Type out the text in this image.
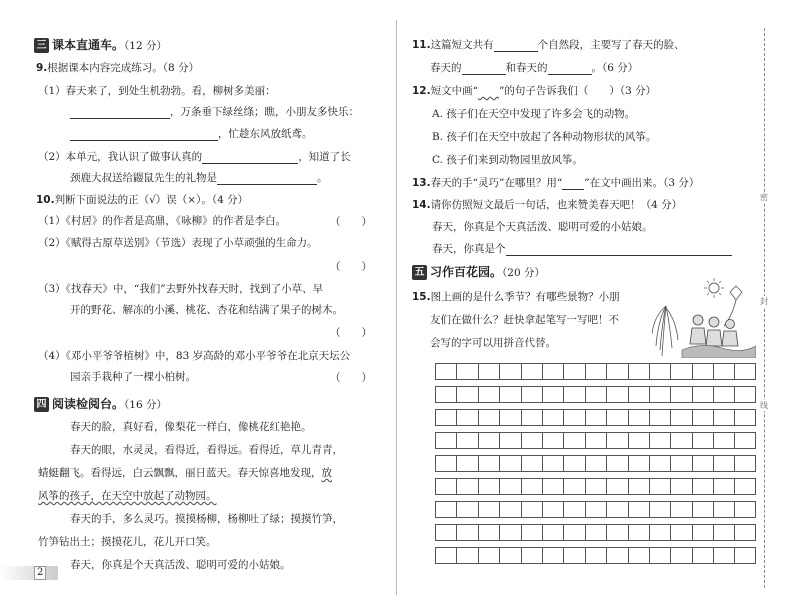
密
封
线
三 课本直通车。（12 分）
9.根据课本内容完成练习。（8 分）
（1）春天来了，到处生机勃勃。看，柳树多美丽：
，万条垂下绿丝绦；瞧，小朋友多快乐：
，忙趁东风放纸鸢。
（2）本单元，我认识了做事认真的	，知道了长
颈鹿大叔送给鼹鼠先生的礼物是	。
10.判断下面说法的正（√）误（×）。（4 分）
（1）《村居》的作者是高鼎，《咏柳》的作者是李白。	（　　）
（2）《赋得古原草送别》（节选）表现了小草顽强的生命力。
（　　）
（3）《找春天》中，“我们”去野外找春天时，找到了小草、早
开的野花、解冻的小溪、桃花、杏花和结满了果子的树木。
（　　）
（4）《邓小平爷爷植树》中，83 岁高龄的邓小平爷爷在北京天坛公
园亲手栽种了一棵小柏树。	（　　）
四 阅读检阅台。（16 分）
春天的脸，真好看，像梨花一样白，像桃花红艳艳。
春天的眼，水灵灵，看得近，看得远。看得近，草儿青青，
蜻蜓翻飞。看得远，白云飘飘，丽日蓝天。春天惊喜地发现，放
风筝的孩子，在天空中放起了动物园。
春天的手，多么灵巧。摸摸杨柳，杨柳吐了绿；摸摸竹笋，
竹笋钻出土；摸摸花儿，花儿开口笑。
春天，你真是个天真活泼、聪明可爱的小姑娘。
2
11.这篇短文共有	个自然段，主要写了春天的脸、
春天的	和春天的	。（6 分）
12.短文中画“　　 ”的句子告诉我们（　　）（3 分）
A. 孩子们在天空中发现了许多会飞的动物。
B. 孩子们在天空中放起了各种动物形状的风筝。
C. 孩子们来到动物园里放风筝。
13.春天的手“灵巧”在哪里？用“ ”在文中画出来。（3 分）
14.请你仿照短文最后一句话，也来赞美春天吧！（4 分）
春天，你真是个天真活泼、聪明可爱的小姑娘。
春天，你真是个
五 习作百花园。（20 分）
15.图上画的是什么季节？有哪些景物？小朋
友们在做什么？赶快拿起笔写一写吧！不
会写的字可以用拼音代替。
